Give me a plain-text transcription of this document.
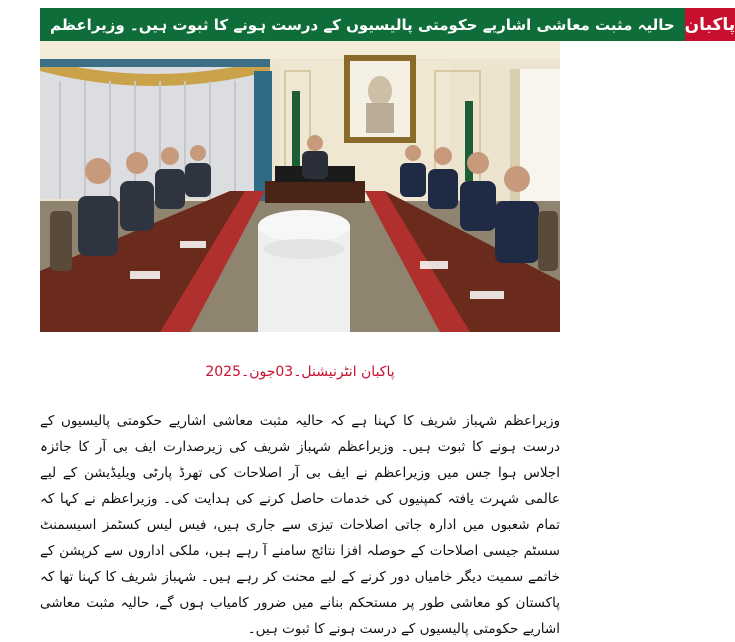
حالیہ مثبت معاشی اشاریے حکومتی پالیسیوں کے درست ہونے کا ثبوت ہیں۔ وزیراعظم پاکبان
پاکبان انٹرنیشنل۔03جون۔2025
وزیراعظم شہباز شریف کا کہنا ہے کہ حالیہ مثبت معاشی اشاریے حکومتی پالیسیوں کے درست ہونے کا ثبوت ہیں۔ وزیراعظم شہباز شریف کی زیرصدارت ایف بی آر کا جائزہ اجلاس ہوا جس میں وزیراعظم نے ایف بی آر اصلاحات کی تھرڈ پارٹی ویلیڈیشن کے لیے عالمی شہرت یافتہ کمپنیوں کی خدمات حاصل کرنے کی ہدایت کی۔ وزیراعظم نے کہا کہ تمام شعبوں میں ادارہ جاتی اصلاحات تیزی سے جاری ہیں، فیس لیس کسٹمز اسیسمنٹ سسٹم جیسی اصلاحات کے حوصلہ افزا نتائج سامنے آ رہے ہیں، ملکی اداروں سے کرپشن کے خاتمے سمیت دیگر خامیاں دور کرنے کے لیے محنت کر رہے ہیں۔ شہباز شریف کا کہنا تھا کہ پاکستان کو معاشی طور پر مستحکم بنانے میں ضرور کامیاب ہوں گے، حالیہ مثبت معاشی اشاریے حکومتی پالیسیوں کے درست ہونے کا ثبوت ہیں۔
